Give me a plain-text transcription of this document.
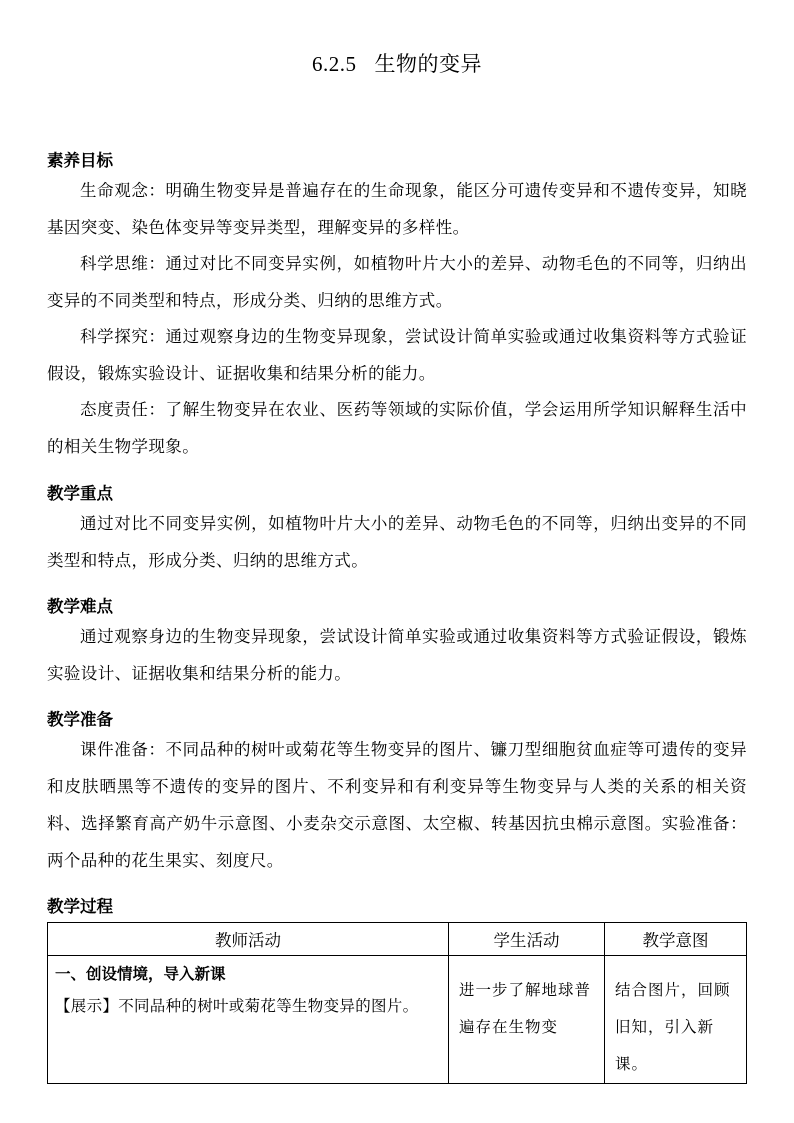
6.2.5 生物的变异
素养目标
生命观念：明确生物变异是普遍存在的生命现象，能区分可遗传变异和不遗传变异，知晓基因突变、染色体变异等变异类型，理解变异的多样性。
科学思维：通过对比不同变异实例，如植物叶片大小的差异、动物毛色的不同等，归纳出变异的不同类型和特点，形成分类、归纳的思维方式。
科学探究：通过观察身边的生物变异现象，尝试设计简单实验或通过收集资料等方式验证假设，锻炼实验设计、证据收集和结果分析的能力。
态度责任：了解生物变异在农业、医药等领域的实际价值，学会运用所学知识解释生活中的相关生物学现象。
教学重点
通过对比不同变异实例，如植物叶片大小的差异、动物毛色的不同等，归纳出变异的不同类型和特点，形成分类、归纳的思维方式。
教学难点
通过观察身边的生物变异现象，尝试设计简单实验或通过收集资料等方式验证假设，锻炼实验设计、证据收集和结果分析的能力。
教学准备
课件准备：不同品种的树叶或菊花等生物变异的图片、镰刀型细胞贫血症等可遗传的变异和皮肤晒黑等不遗传的变异的图片、不利变异和有利变异等生物变异与人类的关系的相关资料、选择繁育高产奶牛示意图、小麦杂交示意图、太空椒、转基因抗虫棉示意图。实验准备：两个品种的花生果实、刻度尺。
教学过程
教师活动	学生活动	教学意图

一、创设情境，导入新课
【展示】不同品种的树叶或菊花等生物变异的图片。	进一步了解地球普遍存在生物变	结合图片，回顾旧知，引入新课。
